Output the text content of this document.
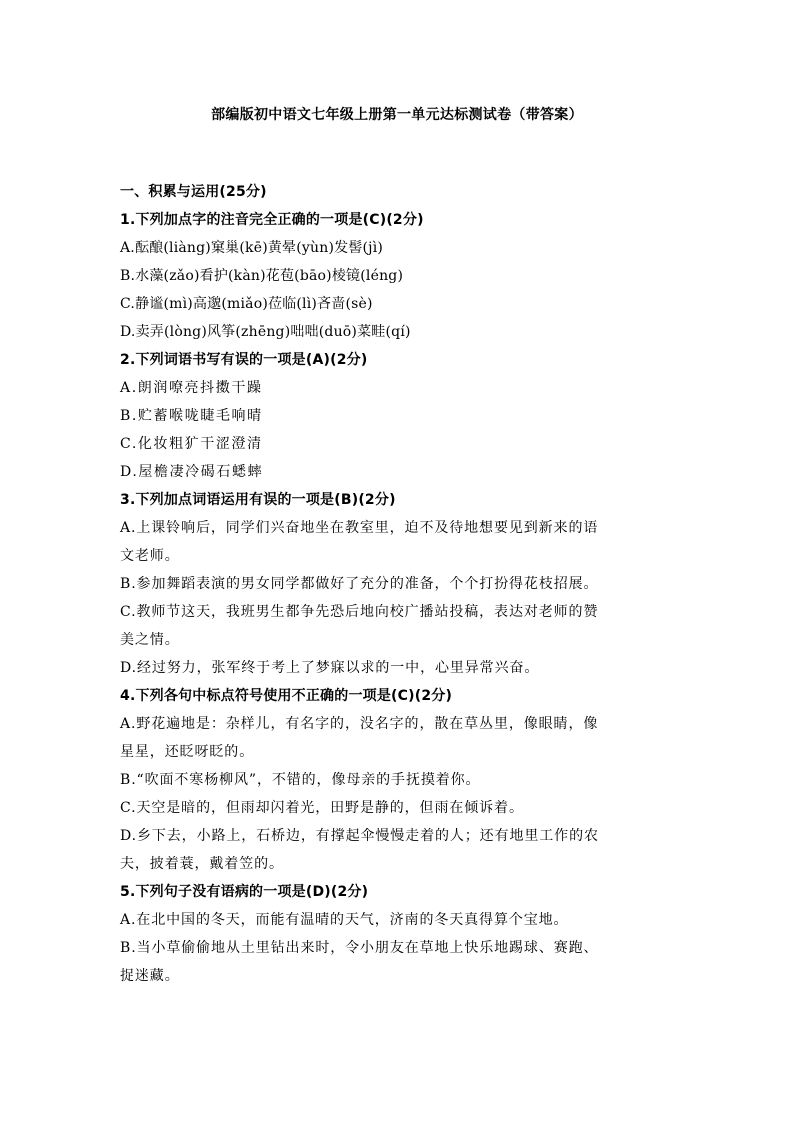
部编版初中语文七年级上册第一单元达标测试卷（带答案）
一、积累与运用(25分)
1.下列加点字的注音完全正确的一项是(C)(2分)
A.酝酿(liàng)窠巢(kē)黄晕(yùn)发髻(jì)
B.水藻(zǎo)看护(kàn)花苞(bāo)棱镜(léng)
C.静谧(mì)高邈(miǎo)莅临(lì)吝啬(sè)
D.卖弄(lòng)风筝(zhēng)咄咄(duō)菜畦(qí)
2.下列词语书写有误的一项是(A)(2分)
A.朗润嘹亮抖擞干躁
B.贮蓄喉咙睫毛响晴
C.化妆粗犷干涩澄清
D.屋檐凄冷碣石蟋蟀
3.下列加点词语运用有误的一项是(B)(2分)
A.上课铃响后，同学们兴奋地坐在教室里，迫不及待地想要见到新来的语
文老师。
B.参加舞蹈表演的男女同学都做好了充分的准备，个个打扮得花枝招展。
C.教师节这天，我班男生都争先恐后地向校广播站投稿，表达对老师的赞
美之情。
D.经过努力，张军终于考上了梦寐以求的一中，心里异常兴奋。
4.下列各句中标点符号使用不正确的一项是(C)(2分)
A.野花遍地是：杂样儿，有名字的，没名字的，散在草丛里，像眼睛，像
星星，还眨呀眨的。
B.“吹面不寒杨柳风”，不错的，像母亲的手抚摸着你。
C.天空是暗的，但雨却闪着光，田野是静的，但雨在倾诉着。
D.乡下去，小路上，石桥边，有撑起伞慢慢走着的人；还有地里工作的农
夫，披着蓑，戴着笠的。
5.下列句子没有语病的一项是(D)(2分)
A.在北中国的冬天，而能有温晴的天气，济南的冬天真得算个宝地。
B.当小草偷偷地从土里钻出来时，令小朋友在草地上快乐地踢球、赛跑、
捉迷藏。
